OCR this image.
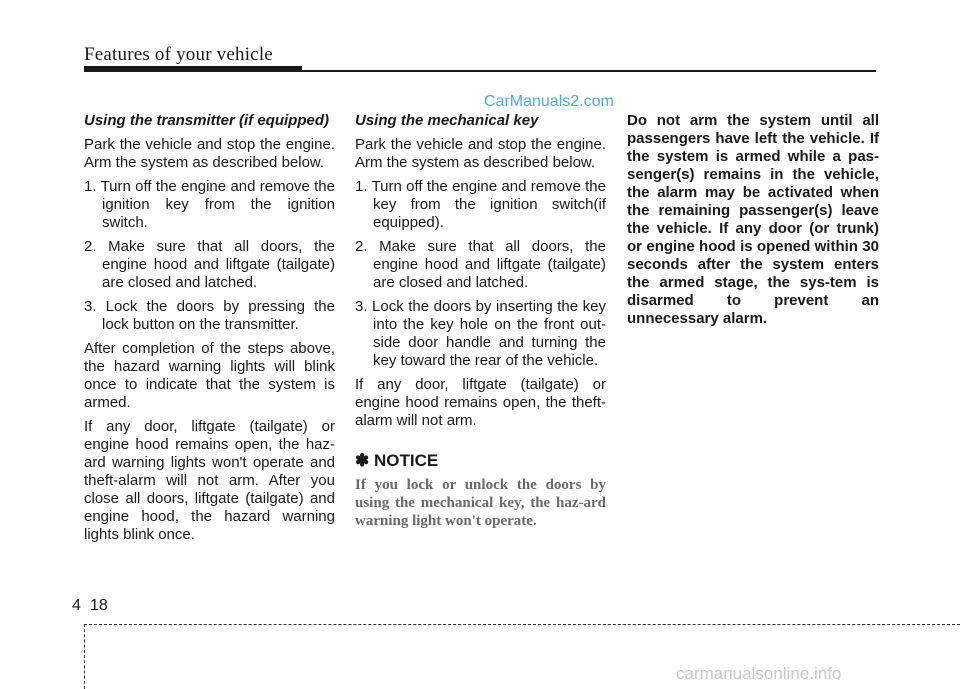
Features of your vehicle
CarManuals2.com
Using the transmitter (if equipped)

Park the vehicle and stop the engine. Arm the system as described below.

1. Turn off the engine and remove the ignition key from the ignition switch.
2. Make sure that all doors, the engine hood and liftgate (tailgate) are closed and latched.
3. Lock the doors by pressing the lock button on the transmitter.

After completion of the steps above, the hazard warning lights will blink once to indicate that the system is armed.

If any door, liftgate (tailgate) or engine hood remains open, the haz-ard warning lights won't operate and theft-alarm will not arm. After you close all doors, liftgate (tailgate) and engine hood, the hazard warning lights blink once.

Using the mechanical key

Park the vehicle and stop the engine. Arm the system as described below.

1. Turn off the engine and remove the key from the ignition switch(if equipped).
2. Make sure that all doors, the engine hood and liftgate (tailgate) are closed and latched.
3. Lock the doors by inserting the key into the key hole on the front out-side door handle and turning the key toward the rear of the vehicle.

If any door, liftgate (tailgate) or engine hood remains open, the theft-alarm will not arm.

✽ NOTICE

If you lock or unlock the doors by using the mechanical key, the haz-ard warning light won't operate.

Do not arm the system until all passengers have left the vehicle. If the system is armed while a pas-senger(s) remains in the vehicle, the alarm may be activated when the remaining passenger(s) leave the vehicle. If any door (or trunk) or engine hood is opened within 30 seconds after the system enters the armed stage, the sys-tem is disarmed to prevent an unnecessary alarm.

4 18
carmanualsonline.info
